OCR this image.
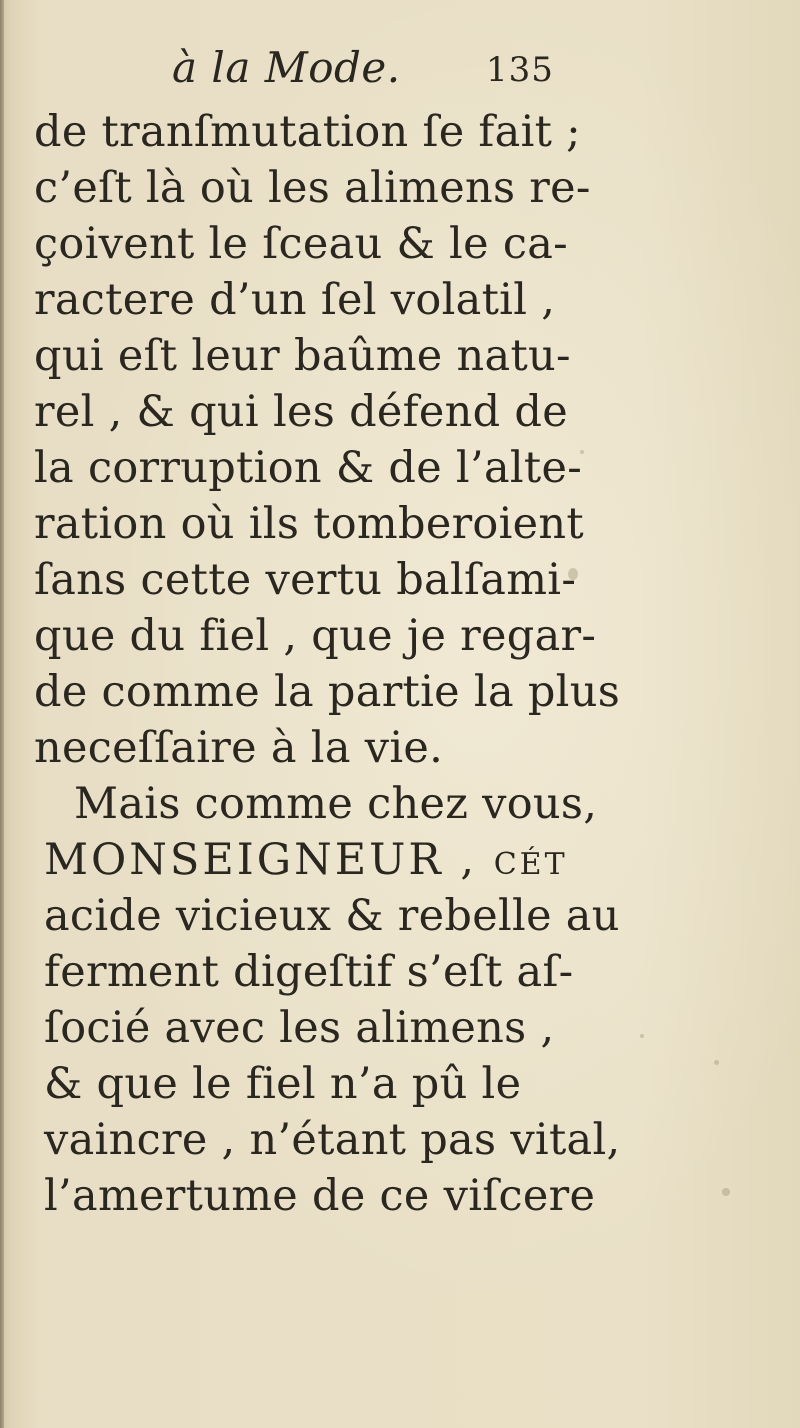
à la Mode.	135
de tranſmutation ſe fait ;
c’eſt là où les alimens re-
çoivent le ſceau & le ca-
ractere d’un ſel volatil ,
qui eſt leur baûme natu-
rel , & qui les défend de
la corruption & de l’alte-
ration où ils tomberoient
ſans cette vertu balſami-
que du fiel , que je regar-
de comme la partie la plus
neceſſaire à la vie.
Mais comme chez vous,
MONSEIGNEUR , cét
acide vicieux & rebelle au
ferment digeſtif s’eſt aſ-
ſocié avec les alimens ,
& que le fiel n’a pû le
vaincre , n’étant pas vital,
l’amertume de ce viſcere
